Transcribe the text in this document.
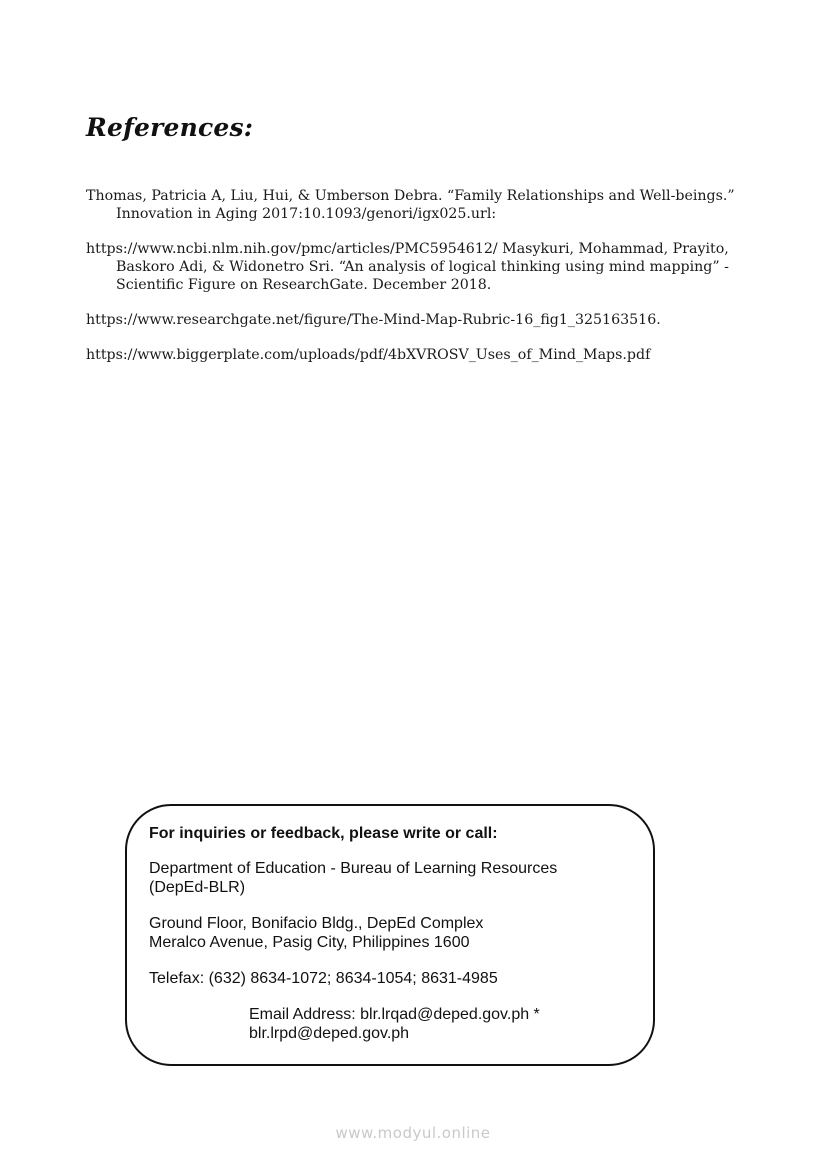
References:

Thomas, Patricia A, Liu, Hui, & Umberson Debra. “Family Relationships and Well-beings.” Innovation in Aging 2017:10.1093/genori/igx025.url:

https://www.ncbi.nlm.nih.gov/pmc/articles/PMC5954612/ Masykuri, Mohammad, Prayito, Baskoro Adi, & Widonetro Sri. “An analysis of logical thinking using mind mapping” - Scientific Figure on ResearchGate. December 2018.

https://www.researchgate.net/figure/The-Mind-Map-Rubric-16_fig1_325163516.

https://www.biggerplate.com/uploads/pdf/4bXVROSV_Uses_of_Mind_Maps.pdf

For inquiries or feedback, please write or call:

Department of Education - Bureau of Learning Resources

(DepEd-BLR)

Ground Floor, Bonifacio Bldg., DepEd Complex

Meralco Avenue, Pasig City, Philippines 1600

Telefax: (632) 8634-1072; 8634-1054; 8631-4985

Email Address: blr.lrqad@deped.gov.ph *

blr.lrpd@deped.gov.ph

www.modyul.online
